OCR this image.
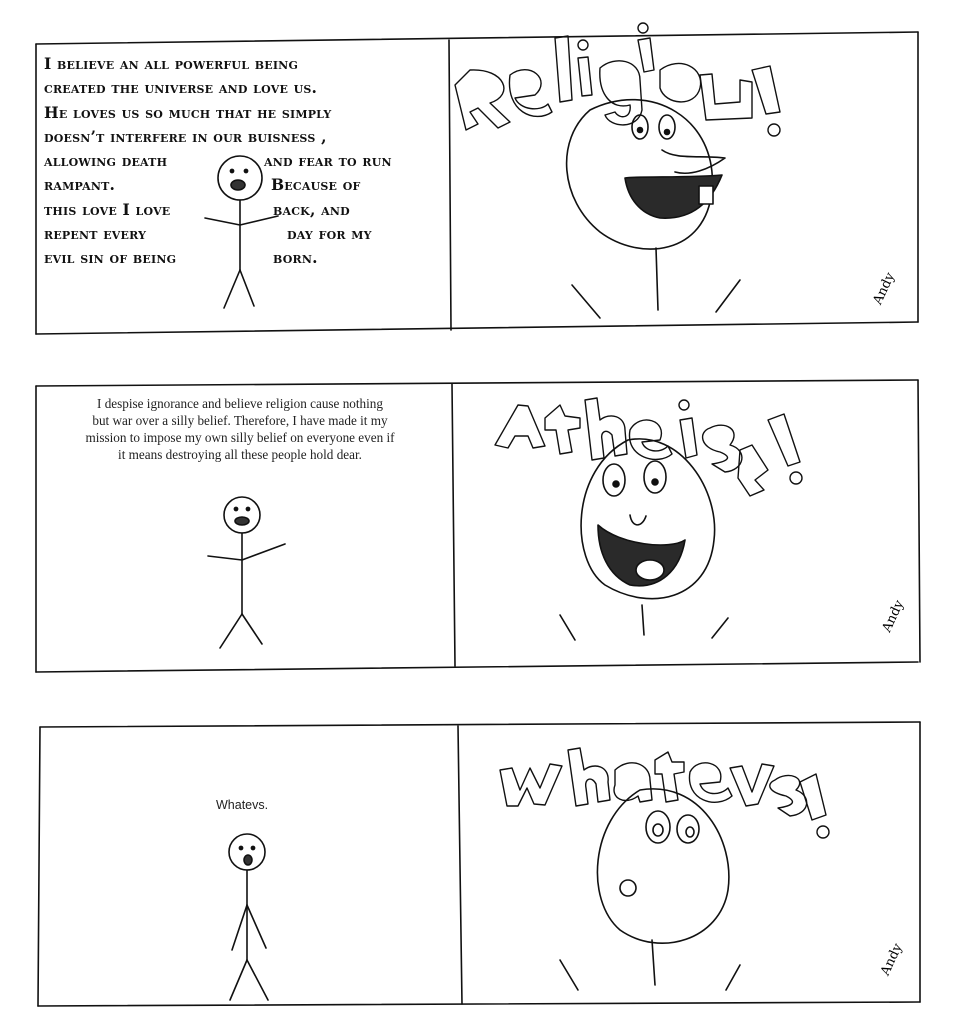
Andy
Andy
Andy
I believe an all powerful being
created the universe and love us.
He loves us so much that he simply
doesn’t interfere in our buisness ,
allowing death	and fear to run
rampant.	Because of
this love I love	back, and
repent every	day for my
evil sin of being	born.
I despise ignorance and believe religion cause nothing
but war over a silly belief. Therefore, I have made it my
mission to impose my own silly belief on everyone even if
it means destroying all these people hold dear.
Whatevs.
